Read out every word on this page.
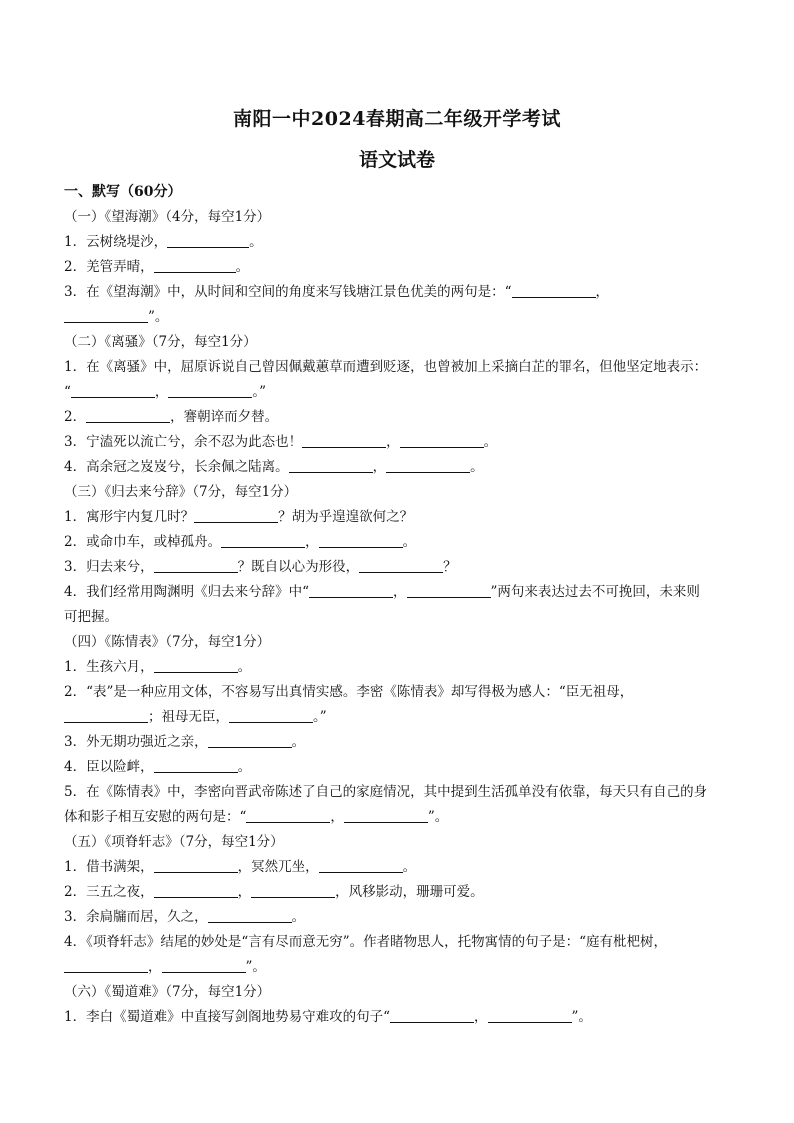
南阳一中2024春期高二年级开学考试
语文试卷
一、默写（60分）
（一）《望海潮》（4分，每空1分）
1．云树绕堤沙，	。
2．羌管弄晴，	。
3．在《望海潮》中，从时间和空间的角度来写钱塘江景色优美的两句是：“	，
”。
（二）《离骚》（7分，每空1分）
1．在《离骚》中，屈原诉说自己曾因佩戴蕙草而遭到贬逐，也曾被加上采摘白芷的罪名，但他坚定地表示：
“	，	。”
2．	，謇朝谇而夕替。
3．宁溘死以流亡兮，余不忍为此态也！	，	。
4．高余冠之岌岌兮，长余佩之陆离。	，	。
（三）《归去来兮辞》（7分，每空1分）
1．寓形宇内复几时？	？胡为乎遑遑欲何之？
2．或命巾车，或棹孤舟。	，	。
3．归去来兮，	？既自以心为形役，	？
4．我们经常用陶渊明《归去来兮辞》中“	，	”两句来表达过去不可挽回，未来则
可把握。
（四）《陈情表》（7分，每空1分）
1．生孩六月，	。
2．“表”是一种应用文体，不容易写出真情实感。李密《陈情表》却写得极为感人：“臣无祖母，
；祖母无臣，	。”
3．外无期功强近之亲，	。
4．臣以险衅，	。
5．在《陈情表》中，李密向晋武帝陈述了自己的家庭情况，其中提到生活孤单没有依靠，每天只有自己的身
体和影子相互安慰的两句是：“	，	”。
（五）《项脊轩志》（7分，每空1分）
1．借书满架，	，冥然兀坐，	。
2．三五之夜，	，	，风移影动，珊珊可爱。
3．余扃牖而居，久之，	。
4．《项脊轩志》结尾的妙处是“言有尽而意无穷”。作者睹物思人，托物寓情的句子是：“庭有枇杷树，
，	”。
（六）《蜀道难》（7分，每空1分）
1．李白《蜀道难》中直接写剑阁地势易守难攻的句子“	，	”。
